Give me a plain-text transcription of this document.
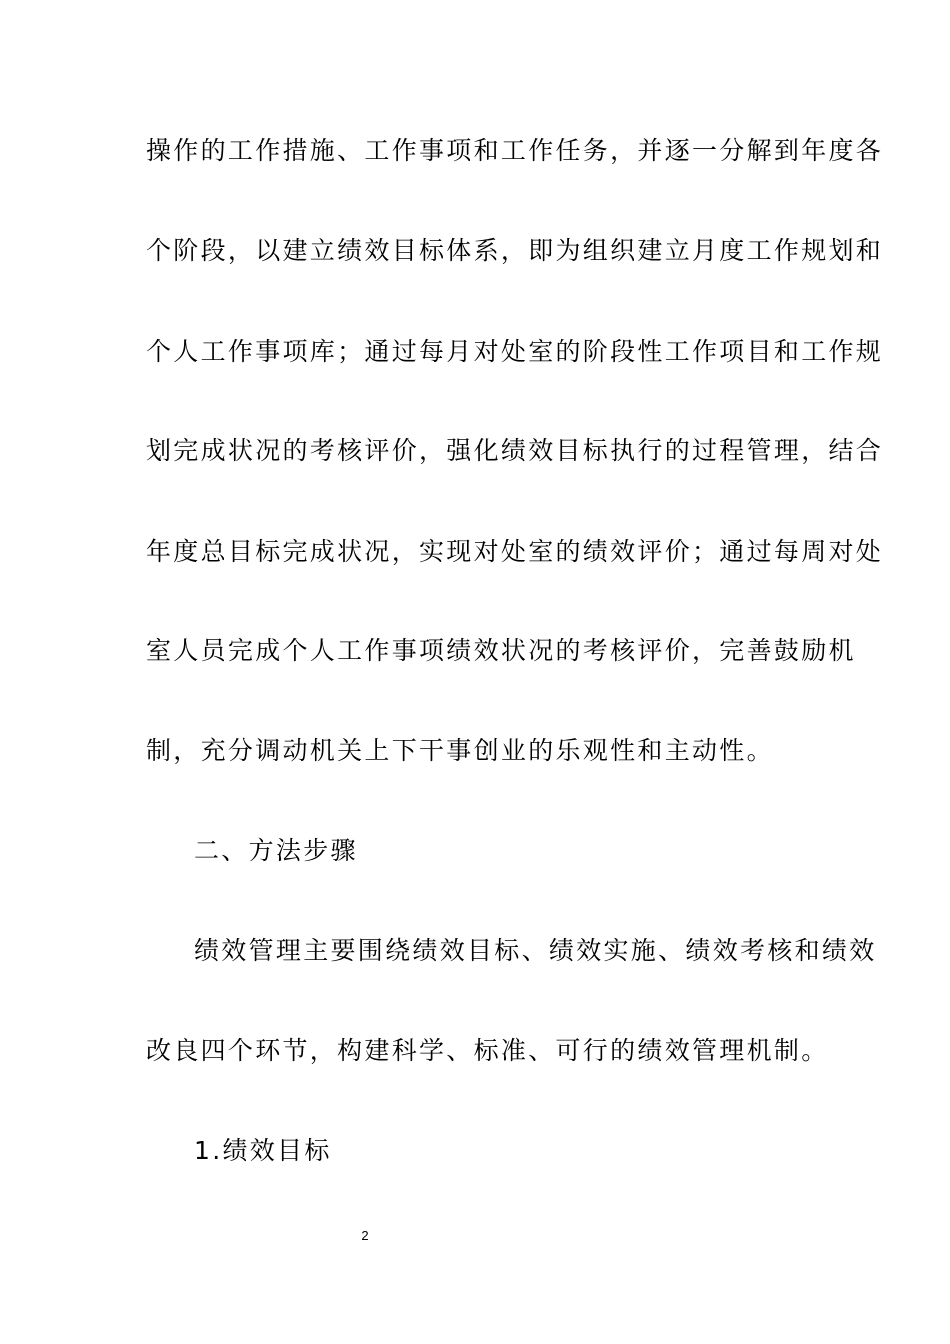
操作的工作措施、工作事项和工作任务，并逐一分解到年度各
个阶段，以建立绩效目标体系，即为组织建立月度工作规划和
个人工作事项库；通过每月对处室的阶段性工作项目和工作规
划完成状况的考核评价，强化绩效目标执行的过程管理，结合
年度总目标完成状况，实现对处室的绩效评价；通过每周对处
室人员完成个人工作事项绩效状况的考核评价，完善鼓励机
制，充分调动机关上下干事创业的乐观性和主动性。
二、方法步骤
绩效管理主要围绕绩效目标、绩效实施、绩效考核和绩效
改良四个环节，构建科学、标准、可行的绩效管理机制。
1.绩效目标
2
